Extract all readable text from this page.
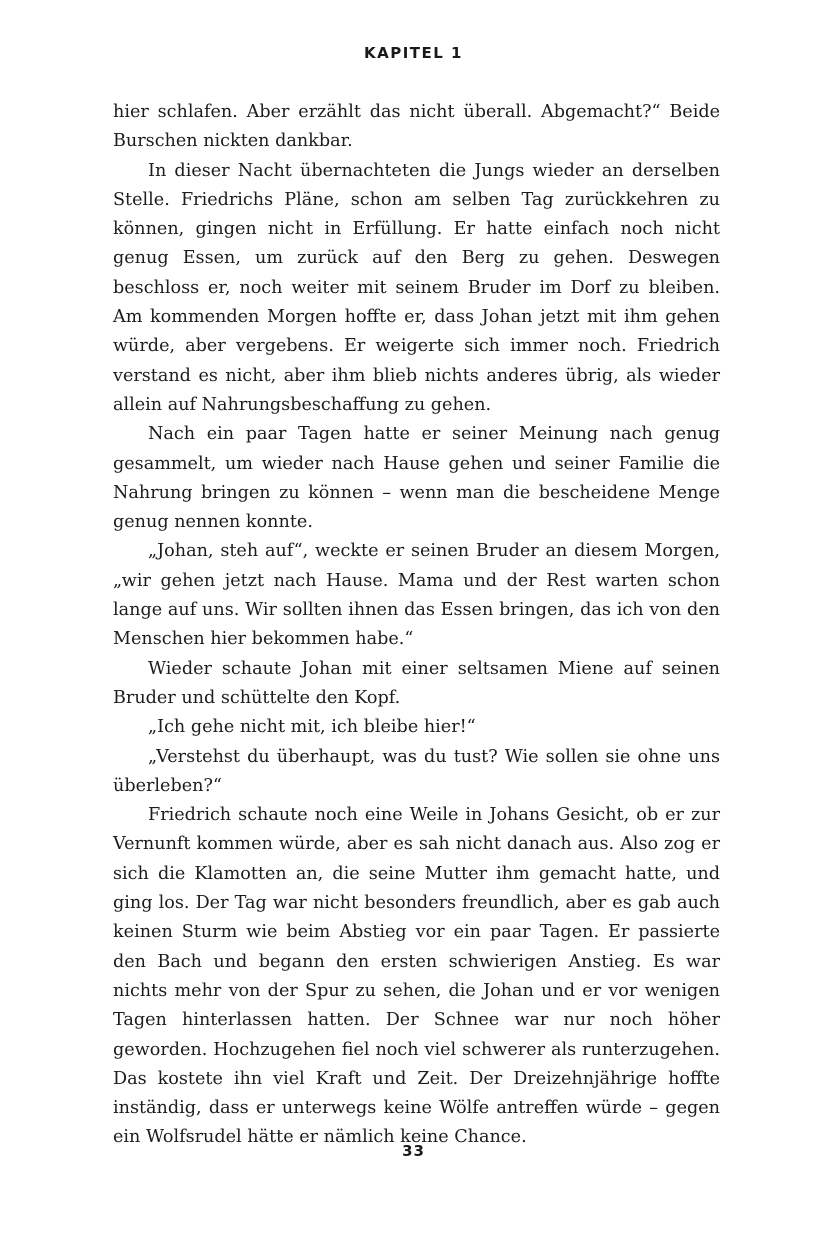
KAPITEL 1

hier schlafen. Aber erzählt das nicht überall. Abgemacht?“ Beide Burschen nickten dankbar.

In dieser Nacht übernachteten die Jungs wieder an derselben Stelle. Friedrichs Pläne, schon am selben Tag zurückkehren zu können, gingen nicht in Erfüllung. Er hatte einfach noch nicht genug Essen, um zurück auf den Berg zu gehen. Deswegen beschloss er, noch weiter mit seinem Bruder im Dorf zu bleiben. Am kommenden Morgen hoffte er, dass Johan jetzt mit ihm gehen würde, aber vergebens. Er weigerte sich immer noch. Friedrich verstand es nicht, aber ihm blieb nichts anderes übrig, als wieder allein auf Nahrungsbeschaffung zu gehen.

Nach ein paar Tagen hatte er seiner Meinung nach genug gesammelt, um wieder nach Hause gehen und seiner Familie die Nahrung bringen zu können – wenn man die bescheidene Menge genug nennen konnte.

„Johan, steh auf“, weckte er seinen Bruder an diesem Morgen, „wir gehen jetzt nach Hause. Mama und der Rest warten schon lange auf uns. Wir sollten ihnen das Essen bringen, das ich von den Menschen hier bekommen habe.“

Wieder schaute Johan mit einer seltsamen Miene auf seinen Bruder und schüttelte den Kopf.

„Ich gehe nicht mit, ich bleibe hier!“

„Verstehst du überhaupt, was du tust? Wie sollen sie ohne uns überleben?“

Friedrich schaute noch eine Weile in Johans Gesicht, ob er zur Vernunft kommen würde, aber es sah nicht danach aus. Also zog er sich die Klamotten an, die seine Mutter ihm gemacht hatte, und ging los. Der Tag war nicht besonders freundlich, aber es gab auch keinen Sturm wie beim Abstieg vor ein paar Tagen. Er passierte den Bach und begann den ersten schwierigen Anstieg. Es war nichts mehr von der Spur zu sehen, die Johan und er vor wenigen Tagen hinterlassen hatten. Der Schnee war nur noch höher geworden. Hochzugehen fiel noch viel schwerer als runterzugehen. Das kostete ihn viel Kraft und Zeit. Der Dreizehnjährige hoffte inständig, dass er unterwegs keine Wölfe antreffen würde – gegen ein Wolfsrudel hätte er nämlich keine Chance.

33
